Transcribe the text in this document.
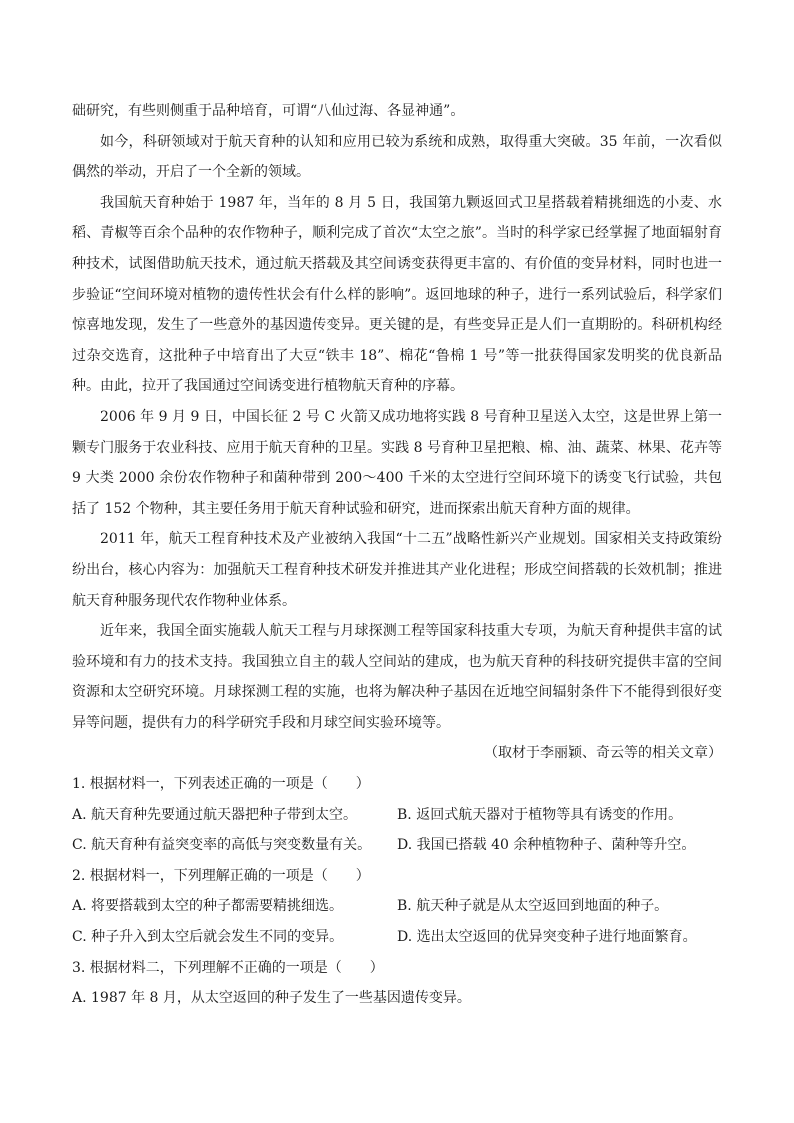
础研究，有些则侧重于品种培育，可谓“八仙过海、各显神通”。

如今，科研领域对于航天育种的认知和应用已较为系统和成熟，取得重大突破。35 年前，一次看似偶然的举动，开启了一个全新的领域。

我国航天育种始于 1987 年，当年的 8 月 5 日，我国第九颗返回式卫星搭载着精挑细选的小麦、水稻、青椒等百余个品种的农作物种子，顺利完成了首次“太空之旅”。当时的科学家已经掌握了地面辐射育种技术，试图借助航天技术，通过航天搭载及其空间诱变获得更丰富的、有价值的变异材料，同时也进一步验证“空间环境对植物的遗传性状会有什么样的影响”。返回地球的种子，进行一系列试验后，科学家们惊喜地发现，发生了一些意外的基因遗传变异。更关键的是，有些变异正是人们一直期盼的。科研机构经过杂交选育，这批种子中培育出了大豆“铁丰 18”、棉花“鲁棉 1 号”等一批获得国家发明奖的优良新品种。由此，拉开了我国通过空间诱变进行植物航天育种的序幕。

2006 年 9 月 9 日，中国长征 2 号 C 火箭又成功地将实践 8 号育种卫星送入太空，这是世界上第一颗专门服务于农业科技、应用于航天育种的卫星。实践 8 号育种卫星把粮、棉、油、蔬菜、林果、花卉等 9 大类 2000 余份农作物种子和菌种带到 200～400 千米的太空进行空间环境下的诱变飞行试验，共包括了 152 个物种，其主要任务用于航天育种试验和研究，进而探索出航天育种方面的规律。

2011 年，航天工程育种技术及产业被纳入我国“十二五”战略性新兴产业规划。国家相关支持政策纷纷出台，核心内容为：加强航天工程育种技术研发并推进其产业化进程；形成空间搭载的长效机制；推进航天育种服务现代农作物种业体系。

近年来，我国全面实施载人航天工程与月球探测工程等国家科技重大专项，为航天育种提供丰富的试验环境和有力的技术支持。我国独立自主的载人空间站的建成，也为航天育种的科技研究提供丰富的空间资源和太空研究环境。月球探测工程的实施，也将为解决种子基因在近地空间辐射条件下不能得到很好变异等问题，提供有力的科学研究手段和月球空间实验环境等。

（取材于李丽颖、奇云等的相关文章）

1. 根据材料一，下列表述正确的一项是（　　）

A. 航天育种先要通过航天器把种子带到太空。	B. 返回式航天器对于植物等具有诱变的作用。
C. 航天育种有益突变率的高低与突变数量有关。	D. 我国已搭载 40 余种植物种子、菌种等升空。

2. 根据材料一，下列理解正确的一项是（　　）

A. 将要搭载到太空的种子都需要精挑细选。	B. 航天种子就是从太空返回到地面的种子。
C. 种子升入到太空后就会发生不同的变异。	D. 选出太空返回的优异突变种子进行地面繁育。

3. 根据材料二，下列理解不正确的一项是（　　）

A. 1987 年 8 月，从太空返回的种子发生了一些基因遗传变异。
